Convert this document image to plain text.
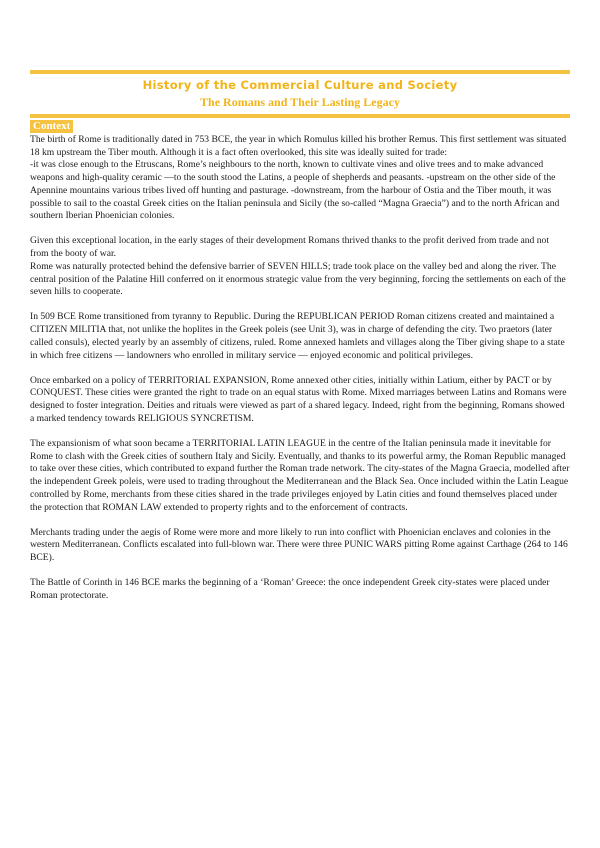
History of the Commercial Culture and Society
The Romans and Their Lasting Legacy
Context

The birth of Rome is traditionally dated in 753 BCE, the year in which Romulus killed his brother Remus. This first settlement was situated 18 km upstream the Tiber mouth. Although it is a fact often overlooked, this site was ideally suited for trade:

-it was close enough to the Etruscans, Rome’s neighbours to the north, known to cultivate vines and olive trees and to make advanced weapons and high-quality ceramic —to the south stood the Latins, a people of shepherds and peasants. -upstream on the other side of the Apennine mountains various tribes lived off hunting and pasturage. -downstream, from the harbour of Ostia and the Tiber mouth, it was possible to sail to the coastal Greek cities on the Italian peninsula and Sicily (the so-called “Magna Graecia”) and to the north African and southern Iberian Phoenician colonies.

Given this exceptional location, in the early stages of their development Romans thrived thanks to the profit derived from trade and not from the booty of war.

Rome was naturally protected behind the defensive barrier of SEVEN HILLS; trade took place on the valley bed and along the river. The central position of the Palatine Hill conferred on it enormous strategic value from the very beginning, forcing the settlements on each of the seven hills to cooperate.

In 509 BCE Rome transitioned from tyranny to Republic. During the REPUBLICAN PERIOD Roman citizens created and maintained a CITIZEN MILITIA that, not unlike the hoplites in the Greek poleis (see Unit 3), was in charge of defending the city. Two praetors (later called consuls), elected yearly by an assembly of citizens, ruled. Rome annexed hamlets and villages along the Tiber giving shape to a state in which free citizens — landowners who enrolled in military service — enjoyed economic and political privileges.

Once embarked on a policy of TERRITORIAL EXPANSION, Rome annexed other cities, initially within Latium, either by PACT or by CONQUEST. These cities were granted the right to trade on an equal status with Rome. Mixed marriages between Latins and Romans were designed to foster integration. Deities and rituals were viewed as part of a shared legacy. Indeed, right from the beginning, Romans showed a marked tendency towards RELIGIOUS SYNCRETISM.

The expansionism of what soon became a TERRITORIAL LATIN LEAGUE in the centre of the Italian peninsula made it inevitable for Rome to clash with the Greek cities of southern Italy and Sicily. Eventually, and thanks to its powerful army, the Roman Republic managed to take over these cities, which contributed to expand further the Roman trade network. The city-states of the Magna Graecia, modelled after the independent Greek poleis, were used to trading throughout the Mediterranean and the Black Sea. Once included within the Latin League controlled by Rome, merchants from these cities shared in the trade privileges enjoyed by Latin cities and found themselves placed under the protection that ROMAN LAW extended to property rights and to the enforcement of contracts.

Merchants trading under the aegis of Rome were more and more likely to run into conflict with Phoenician enclaves and colonies in the western Mediterranean. Conflicts escalated into full-blown war. There were three PUNIC WARS pitting Rome against Carthage (264 to 146 BCE).

The Battle of Corinth in 146 BCE marks the beginning of a ‘Roman’ Greece: the once independent Greek city-states were placed under Roman protectorate.
